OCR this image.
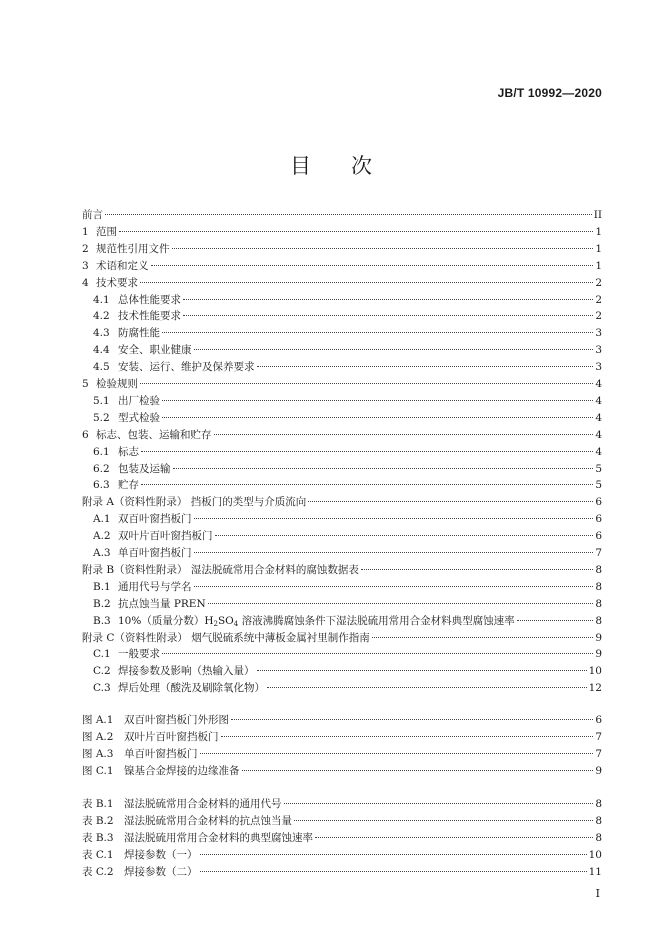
JB/T 10992—2020
目次
前言	II
1 范围	1
2 规范性引用文件	1
3 术语和定义	1
4 技术要求	2
4.1 总体性能要求	2
4.2 技术性能要求	2
4.3 防腐性能	3
4.4 安全、职业健康	3
4.5 安装、运行、维护及保养要求	3
5 检验规则	4
5.1 出厂检验	4
5.2 型式检验	4
6 标志、包装、运输和贮存	4
6.1 标志	4
6.2 包装及运输	5
6.3 贮存	5
附录 A（资料性附录） 挡板门的类型与介质流向	6
A.1 双百叶窗挡板门	6
A.2 双叶片百叶窗挡板门	6
A.3 单百叶窗挡板门	7
附录 B（资料性附录） 湿法脱硫常用合金材料的腐蚀数据表	8
B.1 通用代号与学名	8
B.2 抗点蚀当量 PREN	8
B.3 10%（质量分数）$H_2SO_4$ 溶液沸腾腐蚀条件下湿法脱硫用常用合金材料典型腐蚀速率	8
附录 C（资料性附录） 烟气脱硫系统中薄板金属衬里制作指南	9
C.1 一般要求	9
C.2 焊接参数及影响（热输入量）	10
C.3 焊后处理（酸洗及刷除氧化物）	12
图 A.1	双百叶窗挡板门外形图	6
图 A.2	双叶片百叶窗挡板门	7
图 A.3	单百叶窗挡板门	7
图 C.1 镍基合金焊接的边缘准备	9
表 B.1 湿法脱硫常用合金材料的通用代号	8
表 B.2 湿法脱硫常用合金材料的抗点蚀当量	8
表 B.3 湿法脱硫用常用合金材料的典型腐蚀速率	8
表 C.1 焊接参数（一）	10
表 C.2 焊接参数（二）	11
I
